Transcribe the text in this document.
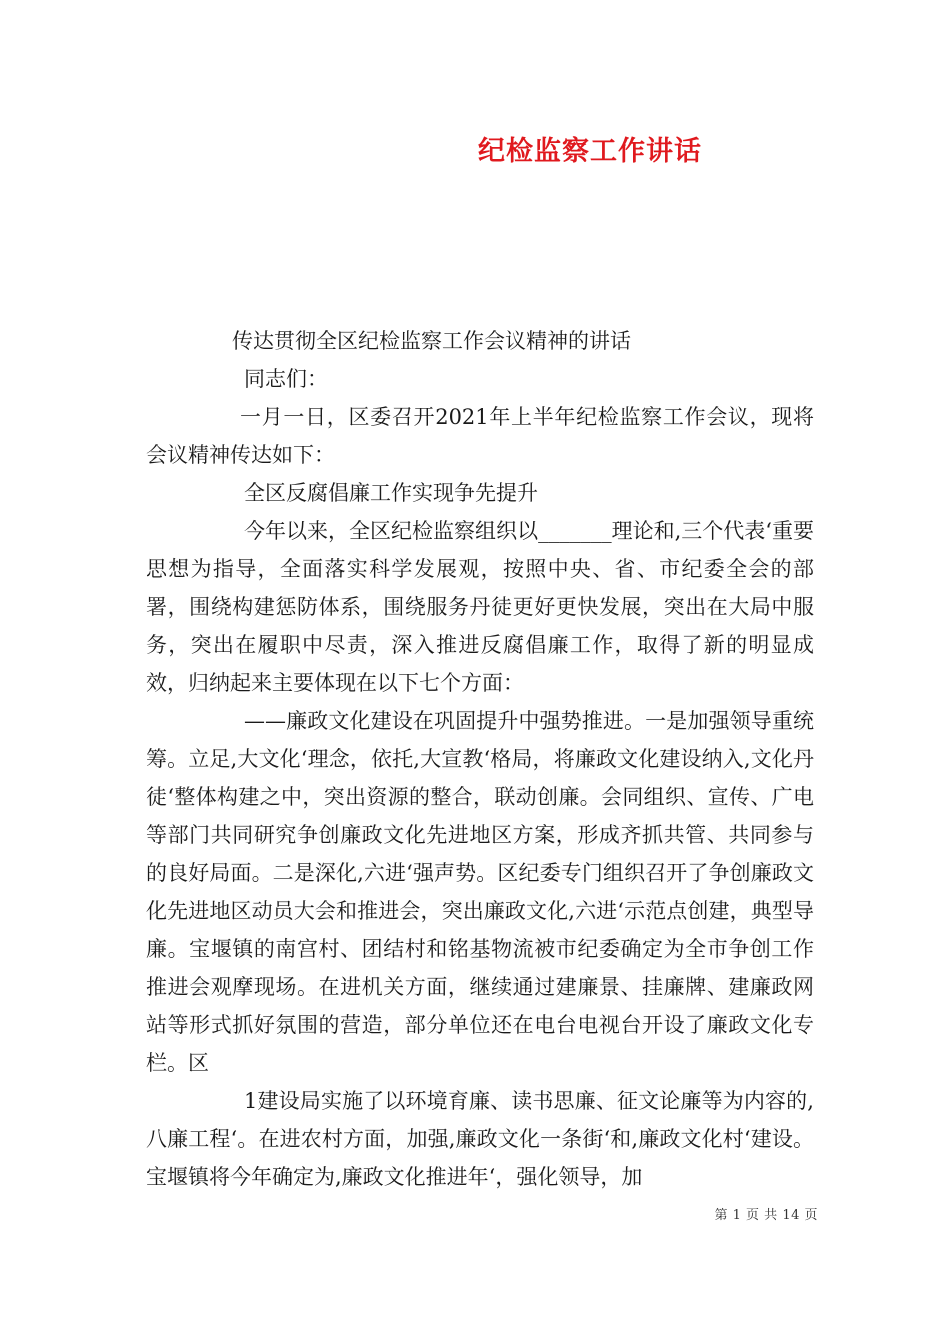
纪检监察工作讲话

传达贯彻全区纪检监察工作会议精神的讲话

同志们：

一月一日，区委召开2021年上半年纪检监察工作会议，现将会议精神传达如下：

全区反腐倡廉工作实现争先提升

今年以来，全区纪检监察组织以_______理论和,三个代表‘重要思想为指导，全面落实科学发展观，按照中央、省、市纪委全会的部署，围绕构建惩防体系，围绕服务丹徒更好更快发展，突出在大局中服务，突出在履职中尽责，深入推进反腐倡廉工作，取得了新的明显成效，归纳起来主要体现在以下七个方面：

——廉政文化建设在巩固提升中强势推进。一是加强领导重统筹。立足,大文化‘理念，依托,大宣教‘格局，将廉政文化建设纳入,文化丹徒‘整体构建之中，突出资源的整合，联动创廉。会同组织、宣传、广电等部门共同研究争创廉政文化先进地区方案，形成齐抓共管、共同参与的良好局面。二是深化,六进‘强声势。区纪委专门组织召开了争创廉政文化先进地区动员大会和推进会，突出廉政文化,六进‘示范点创建，典型导廉。宝堰镇的南宫村、团结村和铭基物流被市纪委确定为全市争创工作推进会观摩现场。在进机关方面，继续通过建廉景、挂廉牌、建廉政网站等形式抓好氛围的营造，部分单位还在电台电视台开设了廉政文化专栏。区

1建设局实施了以环境育廉、读书思廉、征文论廉等为内容的,八廉工程‘。在进农村方面，加强,廉政文化一条街‘和,廉政文化村‘建设。宝堰镇将今年确定为,廉政文化推进年‘，强化领导，加

第 1 页 共 14 页
